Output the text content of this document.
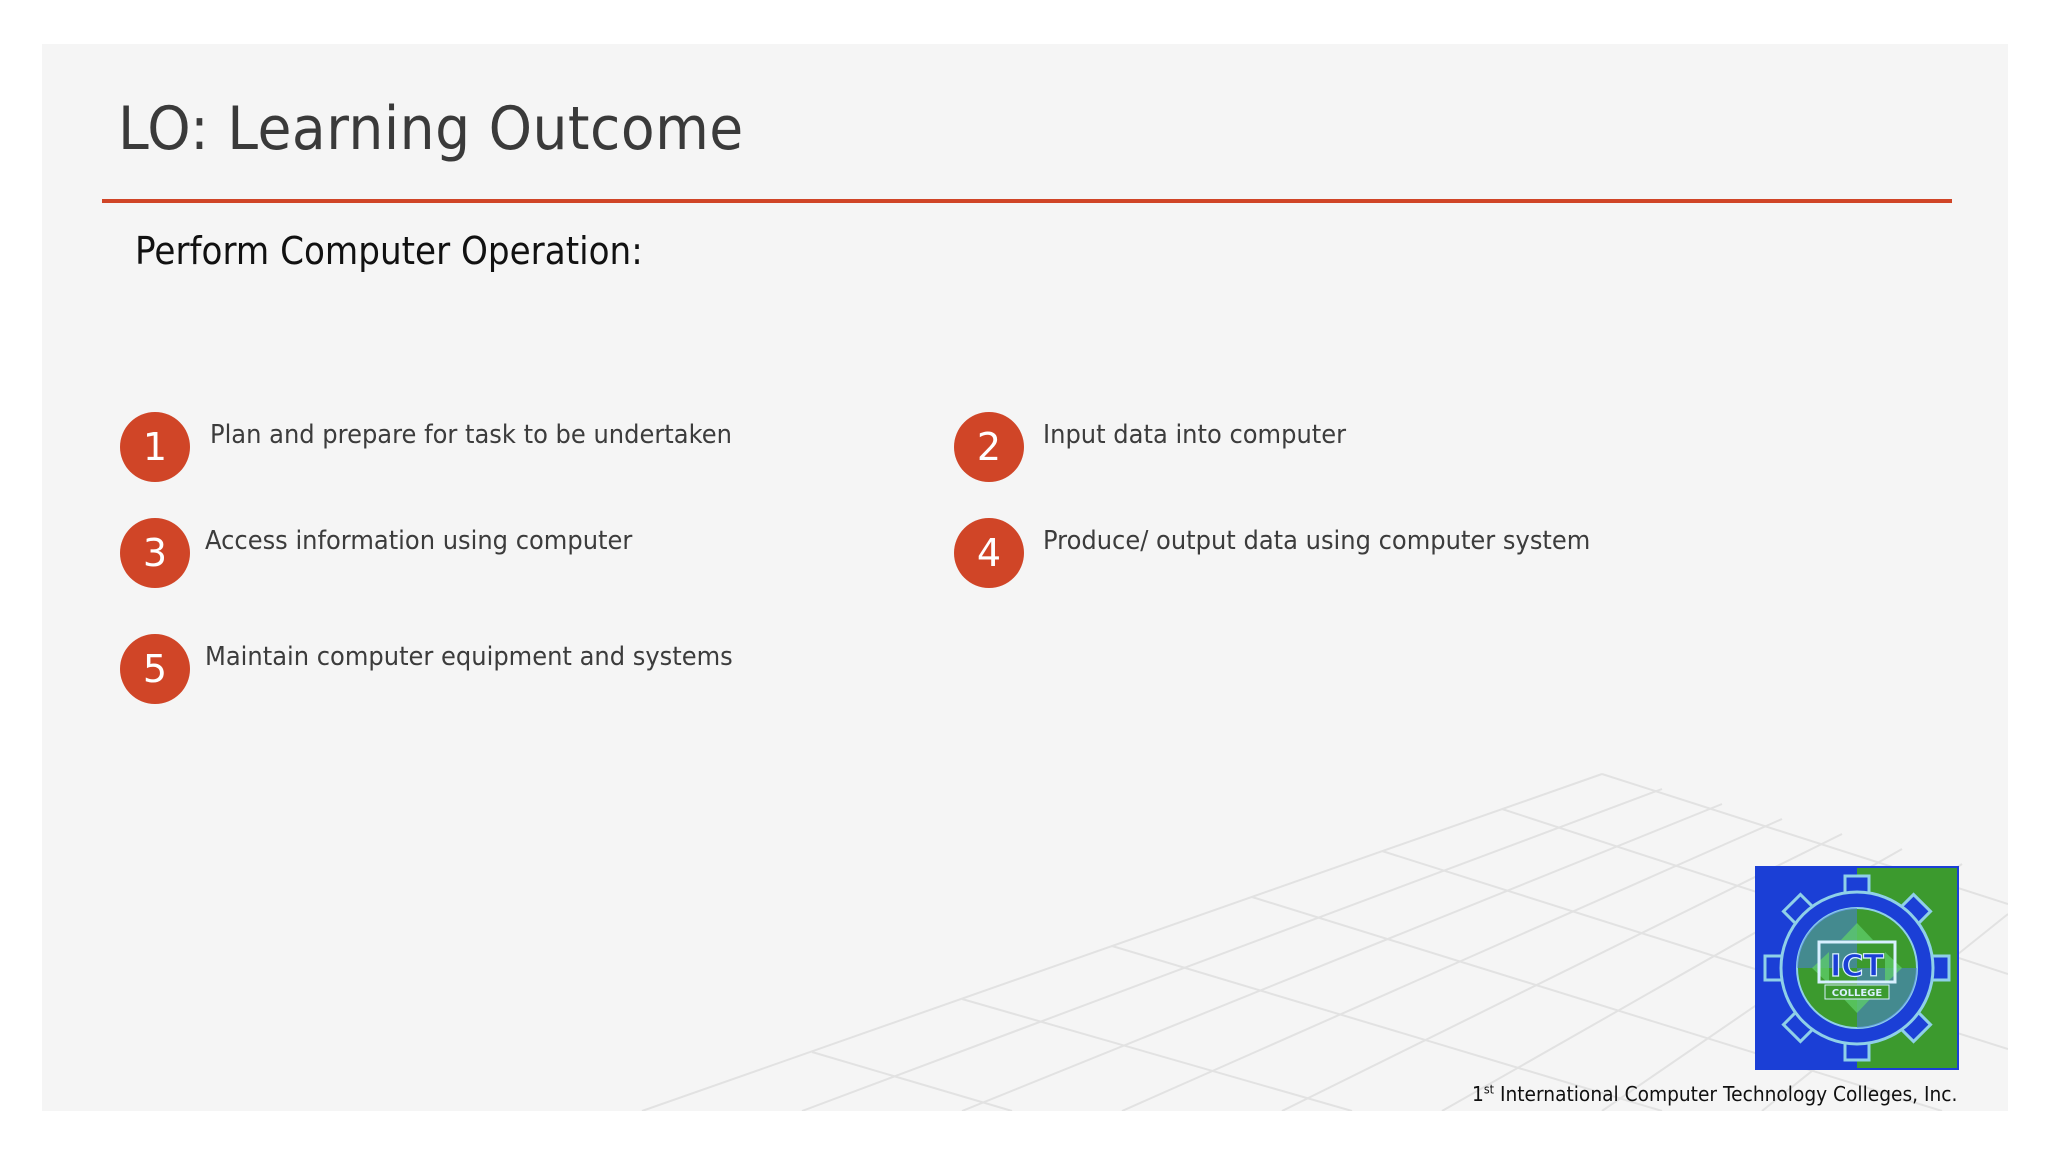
LO: Learning Outcome
Perform Computer Operation:
1	Plan and prepare for task to be undertaken	2	Input data into computer
3	Access information using computer	4	Produce/ output data using computer system
5	Maintain computer equipment and systems
ICT
COLLEGE
1st International Computer Technology Colleges, Inc.
